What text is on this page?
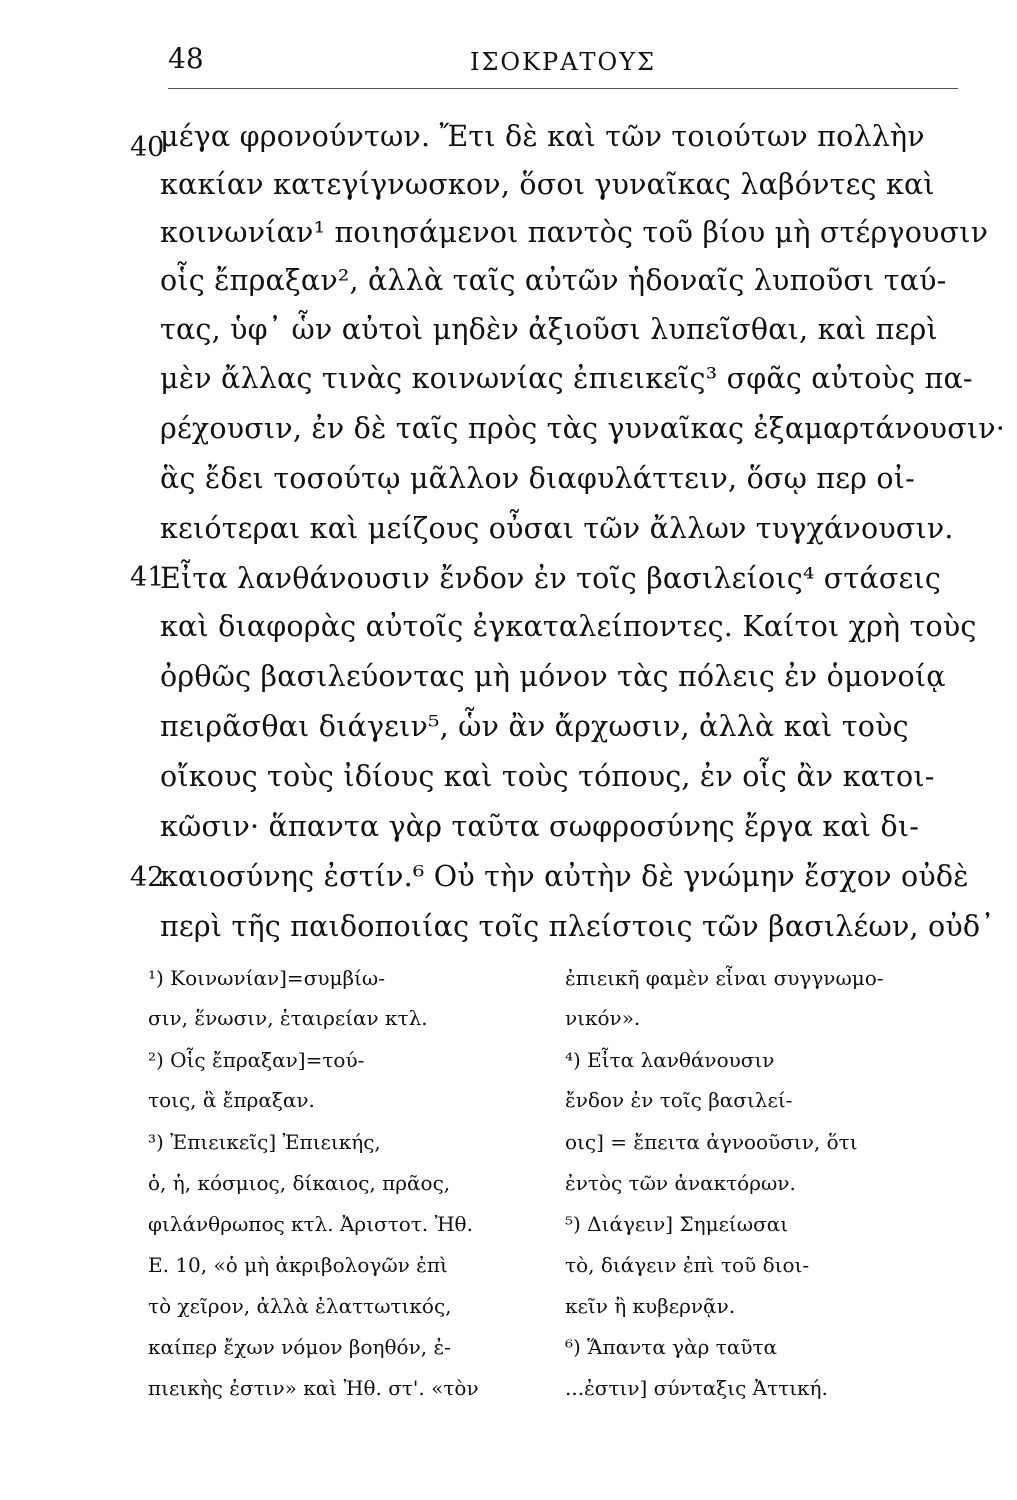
48	ΙΣΟΚΡΑΤΟΥΣ
40
41
42
μέγα φρονούντων. Ἔτι δὲ καὶ τῶν τοιούτων πολλὴν
κακίαν κατεγίγνωσκον, ὅσοι γυναῖκας λαβόντες καὶ
κοινωνίαν¹ ποιησάμενοι παντὸς τοῦ βίου μὴ στέργουσιν
οἷς ἔπραξαν², ἀλλὰ ταῖς αὐτῶν ἡδοναῖς λυποῦσι ταύ-
τας, ὑφ᾽ ὧν αὐτοὶ μηδὲν ἀξιοῦσι λυπεῖσθαι, καὶ περὶ
μὲν ἄλλας τινὰς κοινωνίας ἐπιεικεῖς³ σφᾶς αὐτοὺς πα-
ρέχουσιν, ἐν δὲ ταῖς πρὸς τὰς γυναῖκας ἐξαμαρτάνουσιν·
ἃς ἔδει τοσούτῳ μᾶλλον διαφυλάττειν, ὅσῳ περ οἰ-
κειότεραι καὶ μείζους οὖσαι τῶν ἄλλων τυγχάνουσιν.
Εἶτα λανθάνουσιν ἔνδον ἐν τοῖς βασιλείοις⁴ στάσεις
καὶ διαφορὰς αὐτοῖς ἐγκαταλείποντες. Καίτοι χρὴ τοὺς
ὀρθῶς βασιλεύοντας μὴ μόνον τὰς πόλεις ἐν ὁμονοίᾳ
πειρᾶσθαι διάγειν⁵, ὧν ἂν ἄρχωσιν, ἀλλὰ καὶ τοὺς
οἴκους τοὺς ἰδίους καὶ τοὺς τόπους, ἐν οἷς ἂν κατοι-
κῶσιν· ἅπαντα γὰρ ταῦτα σωφροσύνης ἔργα καὶ δι-
καιοσύνης ἐστίν.⁶ Οὐ τὴν αὐτὴν δὲ γνώμην ἔσχον οὐδὲ
περὶ τῆς παιδοποιίας τοῖς πλείστοις τῶν βασιλέων, οὐδ᾽
¹) Κοινωνίαν]=συμβίω-
σιν, ἕνωσιν, ἑταιρείαν κτλ.
²) Οἷς ἔπραξαν]=τού-
τοις, ἃ ἔπραξαν.
³) Ἐπιεικεῖς] Ἐπιεικής,
ὁ, ἡ, κόσμιος, δίκαιος, πρᾶος,
φιλάνθρωπος κτλ. Ἀριστοτ. Ἠθ.
Ε. 10, «ὁ μὴ ἀκριβολογῶν ἐπὶ
τὸ χεῖρον, ἀλλὰ ἐλαττωτικός,
καίπερ ἔχων νόμον βοηθόν, ἐ-
πιεικὴς ἐστιν» καὶ Ἠθ. στ'. «τὸν
ἐπιεικῆ φαμὲν εἶναι συγγνωμο-
νικόν».
⁴) Εἶτα λανθάνουσιν
ἔνδον ἐν τοῖς βασιλεί-
οις] = ἔπειτα ἀγνοοῦσιν, ὅτι
ἐντὸς τῶν ἀνακτόρων.
⁵) Διάγειν] Σημείωσαι
τὸ, διάγειν ἐπὶ τοῦ διοι-
κεῖν ἢ κυβερνᾷν.
⁶) Ἅπαντα γὰρ ταῦτα
...ἐστιν] σύνταξις Ἀττική.
